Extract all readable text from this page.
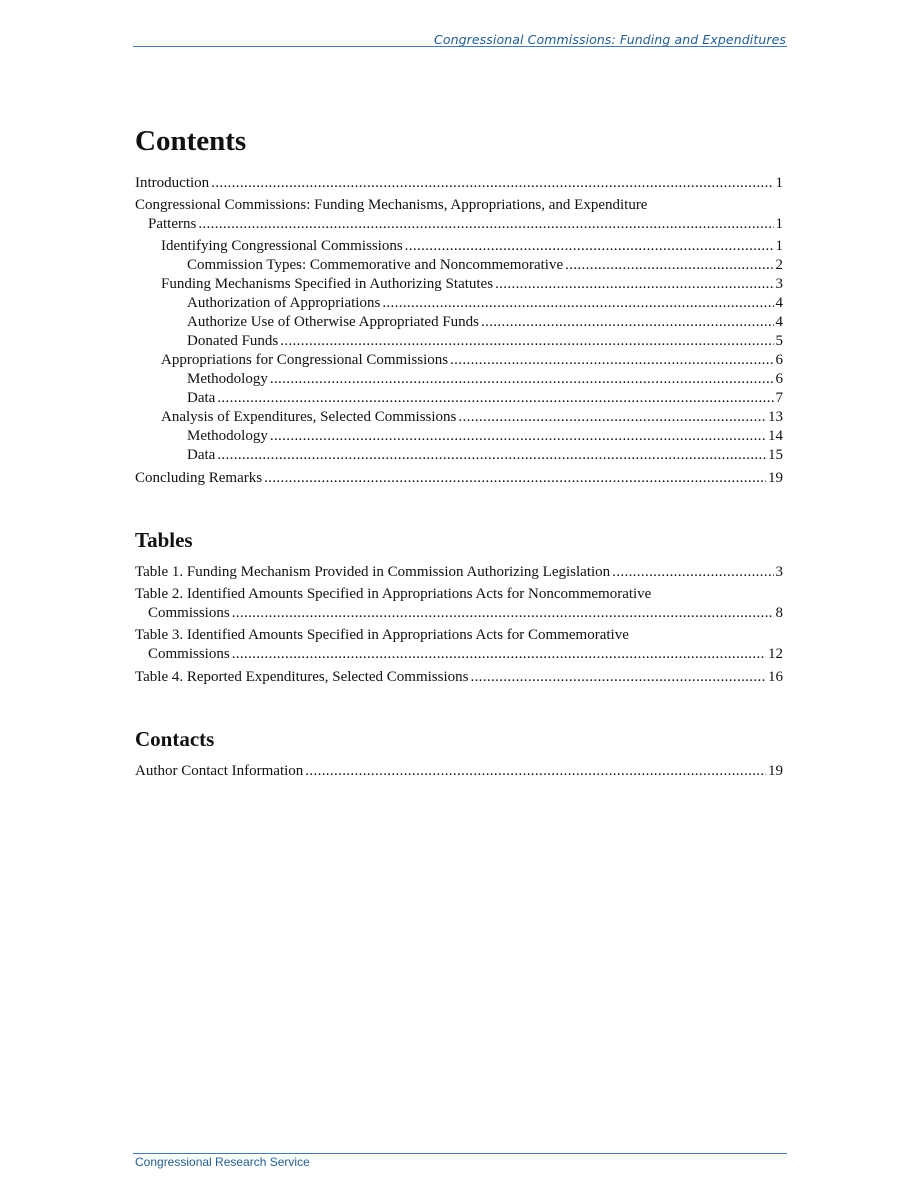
Congressional Commissions: Funding and Expenditures
Contents
Introduction . . .	1
Congressional Commissions: Funding Mechanisms, Appropriations, and Expenditure
Patterns . . .	1
Identifying Congressional Commissions . . .	1
Commission Types: Commemorative and Noncommemorative . . .	2
Funding Mechanisms Specified in Authorizing Statutes . . .	3
Authorization of Appropriations . . .	4
Authorize Use of Otherwise Appropriated Funds . . .	4
Donated Funds . . .	5
Appropriations for Congressional Commissions . . .	6
Methodology . . .	6
Data . . .	7
Analysis of Expenditures, Selected Commissions . . .	13
Methodology . . .	14
Data . . .	15
Concluding Remarks . . .	19
Tables
Table 1. Funding Mechanism Provided in Commission Authorizing Legislation . . .	3
Table 2. Identified Amounts Specified in Appropriations Acts for Noncommemorative
Commissions . . .	8
Table 3. Identified Amounts Specified in Appropriations Acts for Commemorative
Commissions . . .	12
Table 4. Reported Expenditures, Selected Commissions . . .	16
Contacts
Author Contact Information . . .	19
Congressional Research Service
